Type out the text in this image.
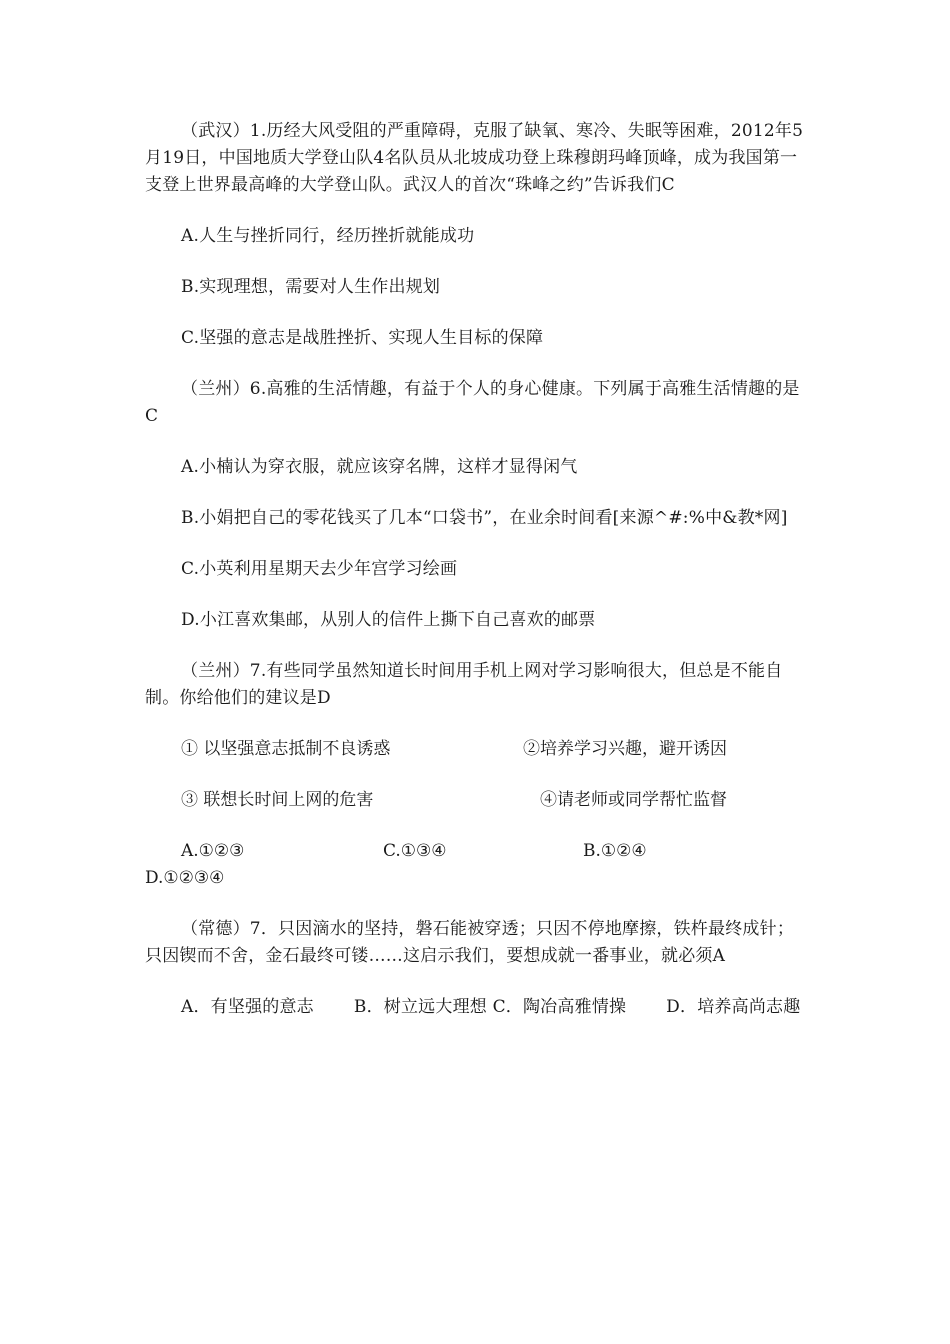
（武汉）1.历经大风受阻的严重障碍，克服了缺氧、寒冷、失眠等困难，2012年5月19日，中国地质大学登山队4名队员从北坡成功登上珠穆朗玛峰顶峰，成为我国第一支登上世界最高峰的大学登山队。武汉人的首次“珠峰之约”告诉我们C

A.人生与挫折同行，经历挫折就能成功

B.实现理想，需要对人生作出规划

C.坚强的意志是战胜挫折、实现人生目标的保障

（兰州）6.高雅的生活情趣，有益于个人的身心健康。下列属于高雅生活情趣的是C

A.小楠认为穿衣服，就应该穿名牌，这样才显得闲气

B.小娟把自己的零花钱买了几本“口袋书”，在业余时间看[来源^#:%中&教*网]

C.小英利用星期天去少年宫学习绘画

D.小江喜欢集邮，从别人的信件上撕下自己喜欢的邮票

（兰州）7.有些同学虽然知道长时间用手机上网对学习影响很大，但总是不能自制。你给他们的建议是D

① 以坚强意志抵制不良诱惑	②培养学习兴趣，避开诱因
③ 联想长时间上网的危害	④请老师或同学帮忙监督
A.①②③	C.①③④	B.①②④
D.①②③④

（常德）7．只因滴水的坚持，磐石能被穿透；只因不停地摩擦，铁杵最终成针；只因锲而不舍，金石最终可镂……这启示我们，要想成就一番事业，就必须A

A．有坚强的意志　　 B．树立远大理想 C．陶冶高雅情操　　 D．培养高尚志趣
